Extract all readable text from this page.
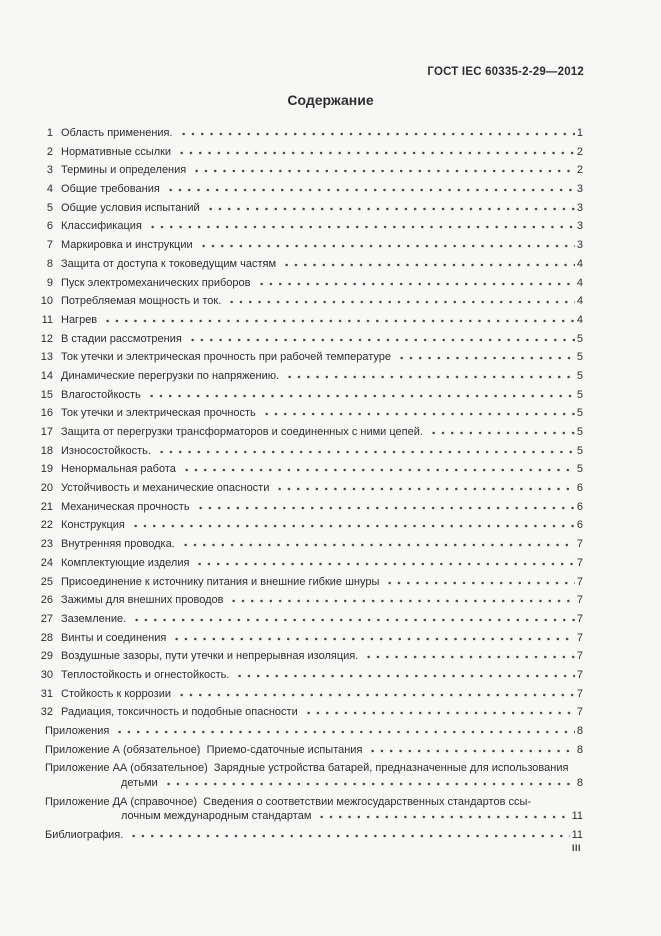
ГОСТ IEC 60335-2-29—2012
Содержание
1 Область применения.	1
2 Нормативные ссылки	2
3 Термины и определения	2
4 Общие требования	3
5 Общие условия испытаний	3
6 Классификация	3
7 Маркировка и инструкции	3
8 Защита от доступа к токоведущим частям	4
9 Пуск электромеханических приборов	4
10 Потребляемая мощность и ток.	4
11 Нагрев	4
12 В стадии рассмотрения	5
13 Ток утечки и электрическая прочность при рабочей температуре	5
14 Динамические перегрузки по напряжению.	5
15 Влагостойкость	5
16 Ток утечки и электрическая прочность	5
17 Защита от перегрузки трансформаторов и соединенных с ними цепей.	5
18 Износостойкость.	5
19 Ненормальная работа	5
20 Устойчивость и механические опасности	6
21 Механическая прочность	6
22 Конструкция	6
23 Внутренняя проводка.	7
24 Комплектующие изделия	7
25 Присоединение к источнику питания и внешние гибкие шнуры	7
26 Зажимы для внешних проводов	7
27 Заземление.	7
28 Винты и соединения	7
29 Воздушные зазоры, пути утечки и непрерывная изоляция.	7
30 Теплостойкость и огнестойкость.	7
31 Стойкость к коррозии	7
32 Радиация, токсичность и подобные опасности	7
Приложения	8
Приложение А (обязательное)  Приемо-сдаточные испытания	8
Приложение АА (обязательное)  Зарядные устройства батарей, предназначенные для использования
детьми	8
Приложение ДА (справочное)  Сведения о соответствии межгосударственных стандартов ссы-
лочным международным стандартам	11
Библиография.	11
III
